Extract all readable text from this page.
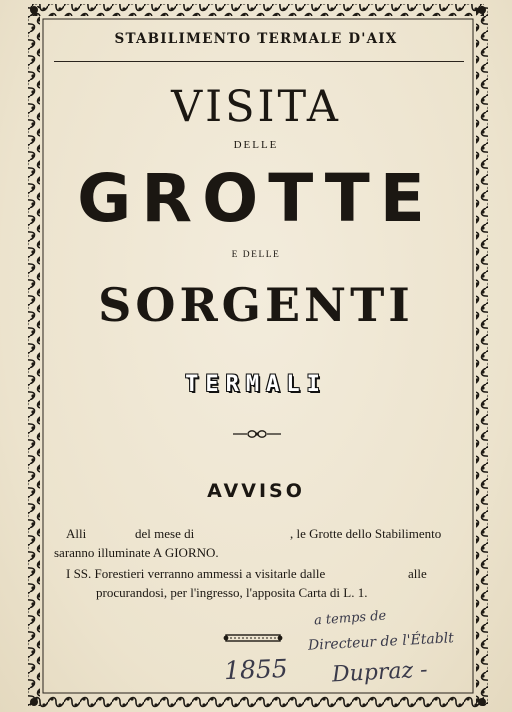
STABILIMENTO TERMALE D'AIX
VISITA
DELLE
GROTTE
E DELLE
SORGENTI
TERMALI
AVVISO
Alli	del mese di	, le Grotte dello Stabilimento
saranno illuminate A GIORNO.
I SS. Forestieri verranno ammessi a visitarle dalle	alle
procurandosi, per l'ingresso, l'apposita Carta di L. 1.
a temps de
Directeur de l'Établt
1855 Dupraz -
